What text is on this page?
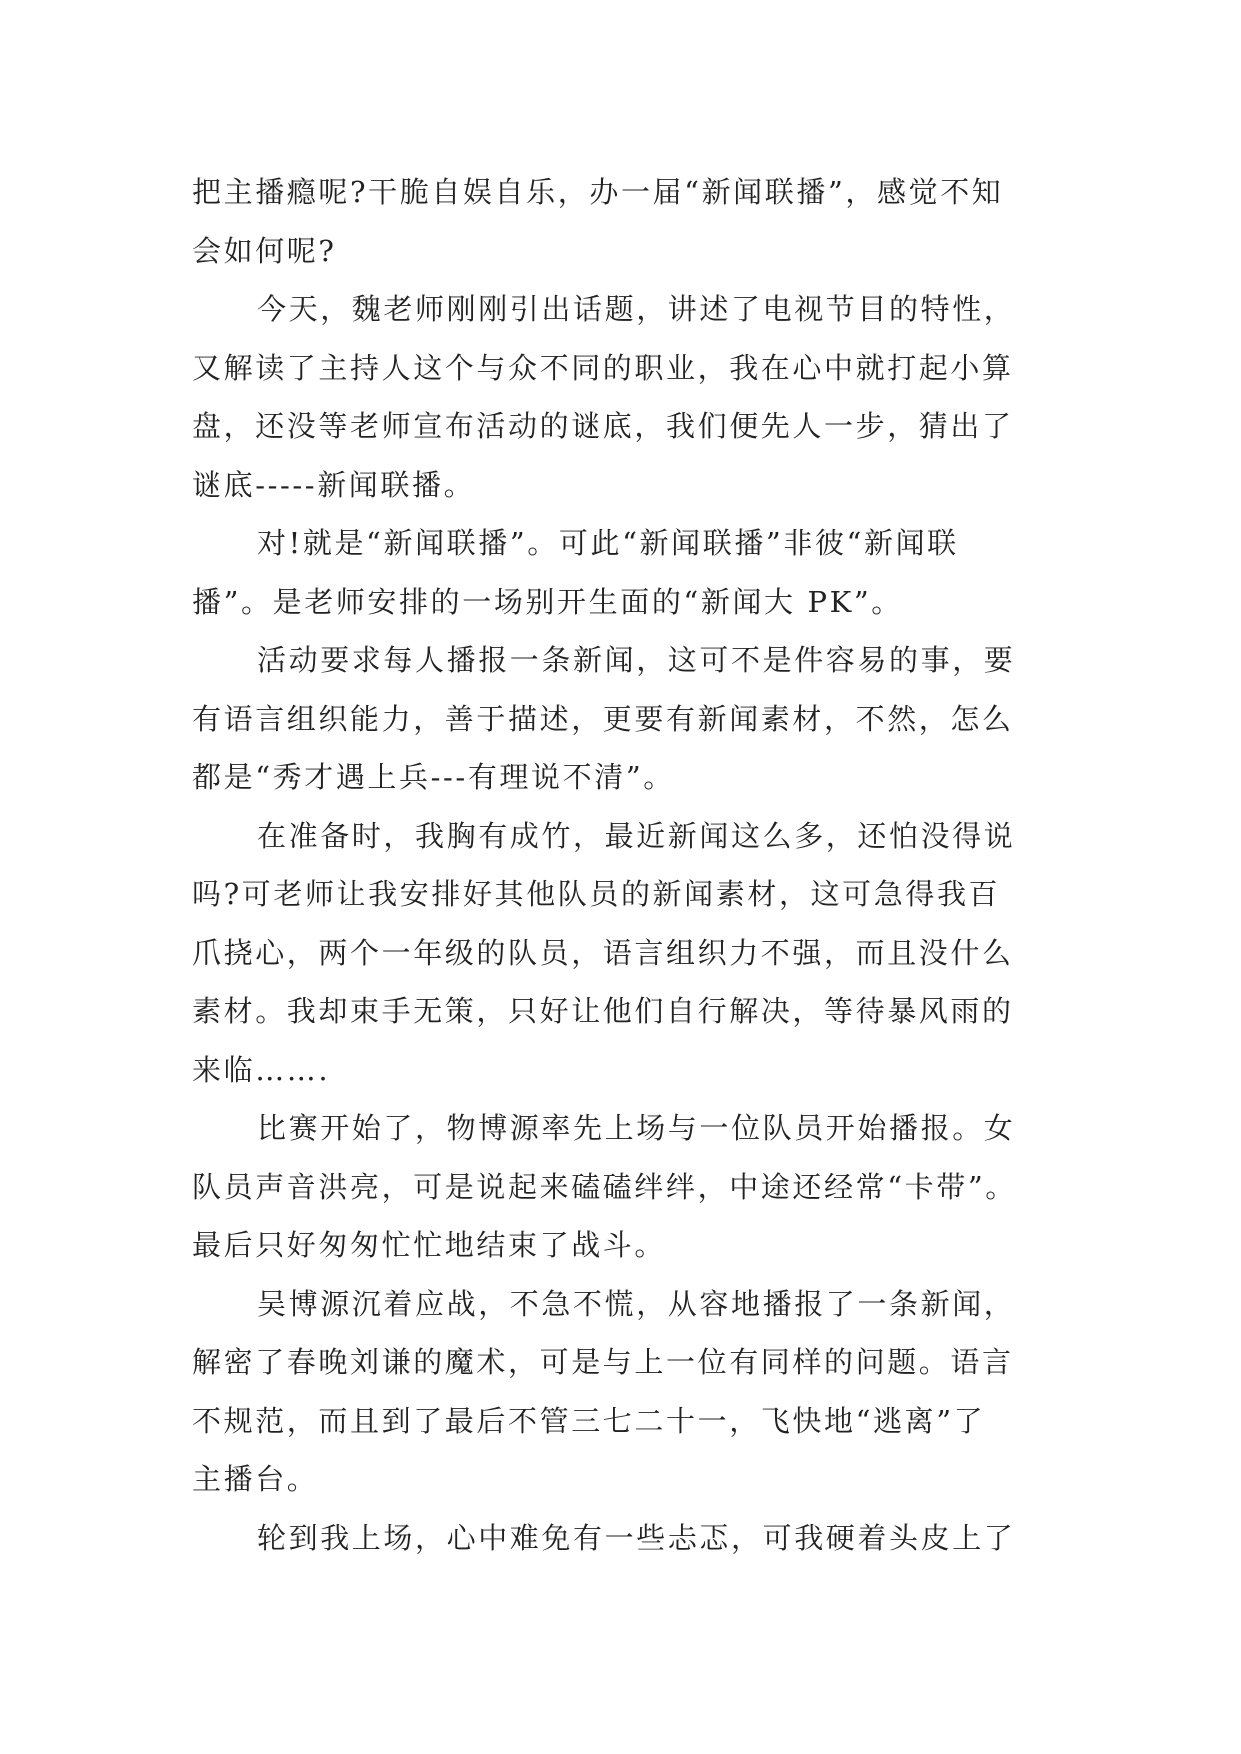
把主播瘾呢?干脆自娱自乐，办一届“新闻联播”，感觉不知
会如何呢?
今天，魏老师刚刚引出话题，讲述了电视节目的特性，
又解读了主持人这个与众不同的职业，我在心中就打起小算
盘，还没等老师宣布活动的谜底，我们便先人一步，猜出了
谜底-----新闻联播。
对!就是“新闻联播”。可此“新闻联播”非彼“新闻联
播”。是老师安排的一场别开生面的“新闻大 PK”。
活动要求每人播报一条新闻，这可不是件容易的事，要
有语言组织能力，善于描述，更要有新闻素材，不然，怎么
都是“秀才遇上兵---有理说不清”。
在准备时，我胸有成竹，最近新闻这么多，还怕没得说
吗?可老师让我安排好其他队员的新闻素材，这可急得我百
爪挠心，两个一年级的队员，语言组织力不强，而且没什么
素材。我却束手无策，只好让他们自行解决，等待暴风雨的
来临…….
比赛开始了，物博源率先上场与一位队员开始播报。女
队员声音洪亮，可是说起来磕磕绊绊，中途还经常“卡带”。
最后只好匆匆忙忙地结束了战斗。
吴博源沉着应战，不急不慌，从容地播报了一条新闻，
解密了春晚刘谦的魔术，可是与上一位有同样的问题。语言
不规范，而且到了最后不管三七二十一，飞快地“逃离”了
主播台。
轮到我上场，心中难免有一些忐忑，可我硬着头皮上了
